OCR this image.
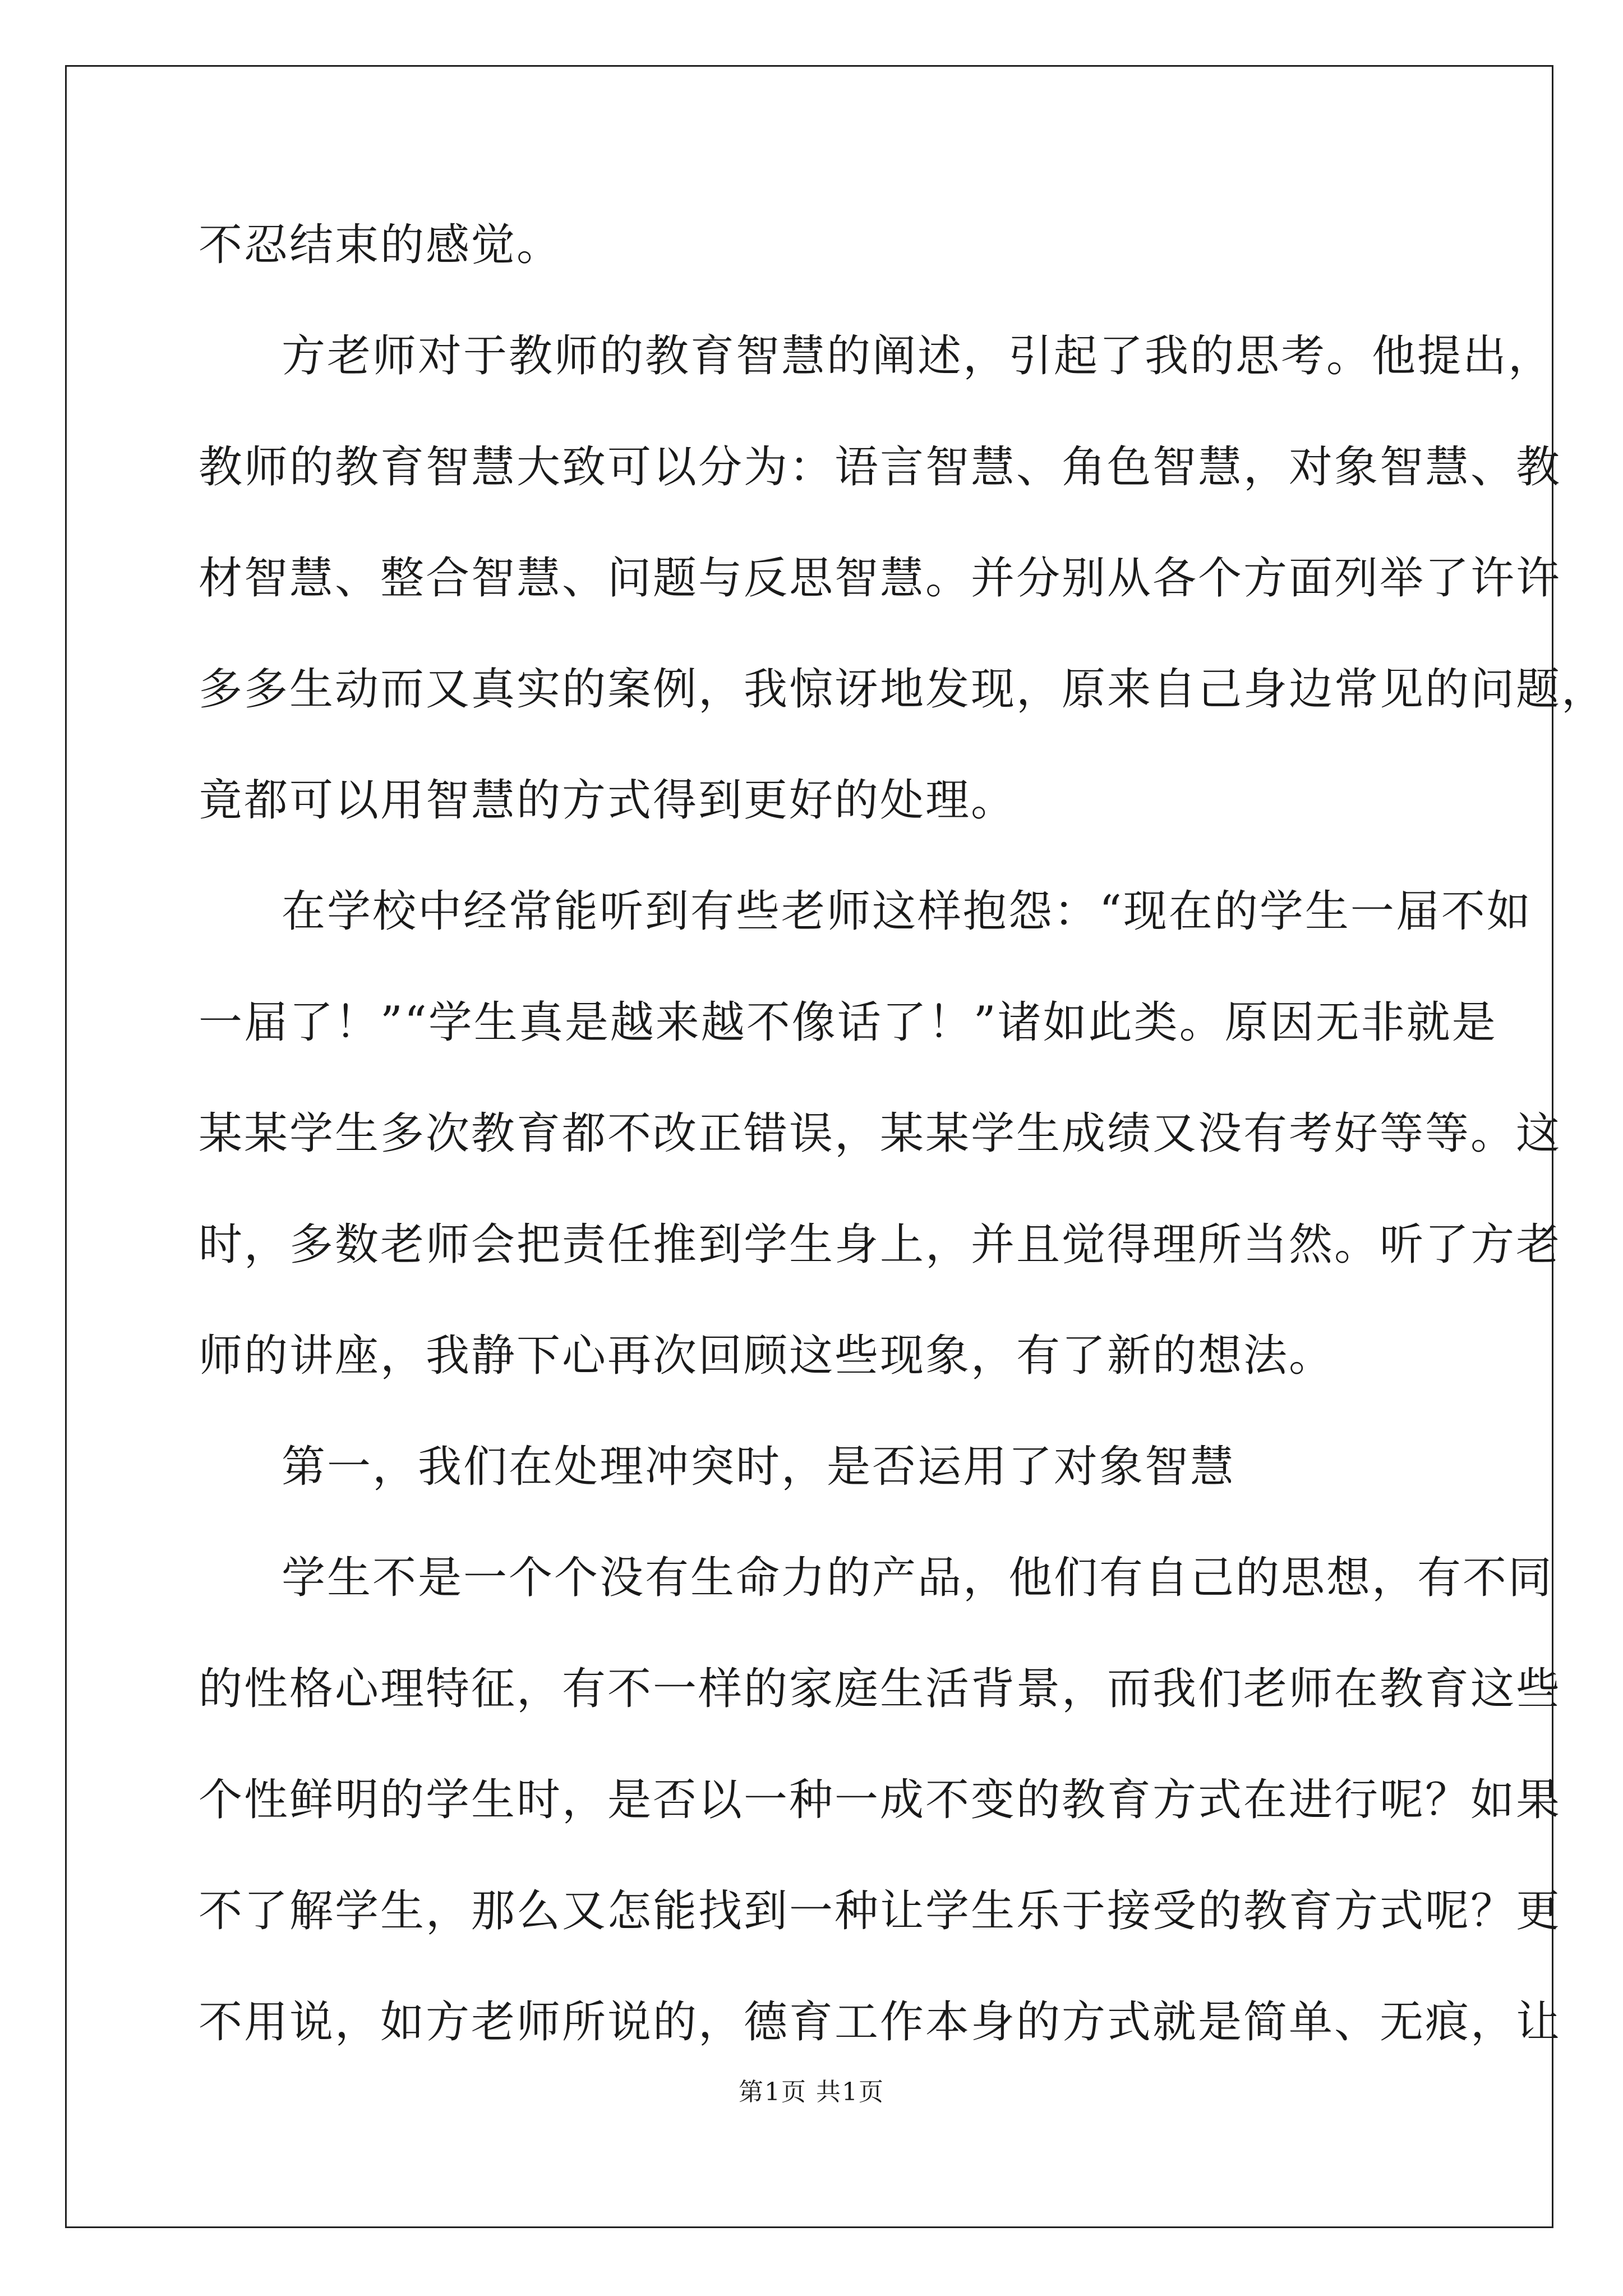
不忍结束的感觉。
方老师对于教师的教育智慧的阐述，引起了我的思考。他提出，
教师的教育智慧大致可以分为：语言智慧、角色智慧，对象智慧、教
材智慧、整合智慧、问题与反思智慧。并分别从各个方面列举了许许
多多生动而又真实的案例，我惊讶地发现，原来自己身边常见的问题，
竟都可以用智慧的方式得到更好的处理。
在学校中经常能听到有些老师这样抱怨：“现在的学生一届不如
一届了！”“学生真是越来越不像话了！”诸如此类。原因无非就是
某某学生多次教育都不改正错误，某某学生成绩又没有考好等等。这
时，多数老师会把责任推到学生身上，并且觉得理所当然。听了方老
师的讲座，我静下心再次回顾这些现象，有了新的想法。
第一，我们在处理冲突时，是否运用了对象智慧
学生不是一个个没有生命力的产品，他们有自己的思想，有不同
的性格心理特征，有不一样的家庭生活背景，而我们老师在教育这些
个性鲜明的学生时，是否以一种一成不变的教育方式在进行呢？如果
不了解学生，那么又怎能找到一种让学生乐于接受的教育方式呢？更
不用说，如方老师所说的，德育工作本身的方式就是简单、无痕，让
第1页 共1页
